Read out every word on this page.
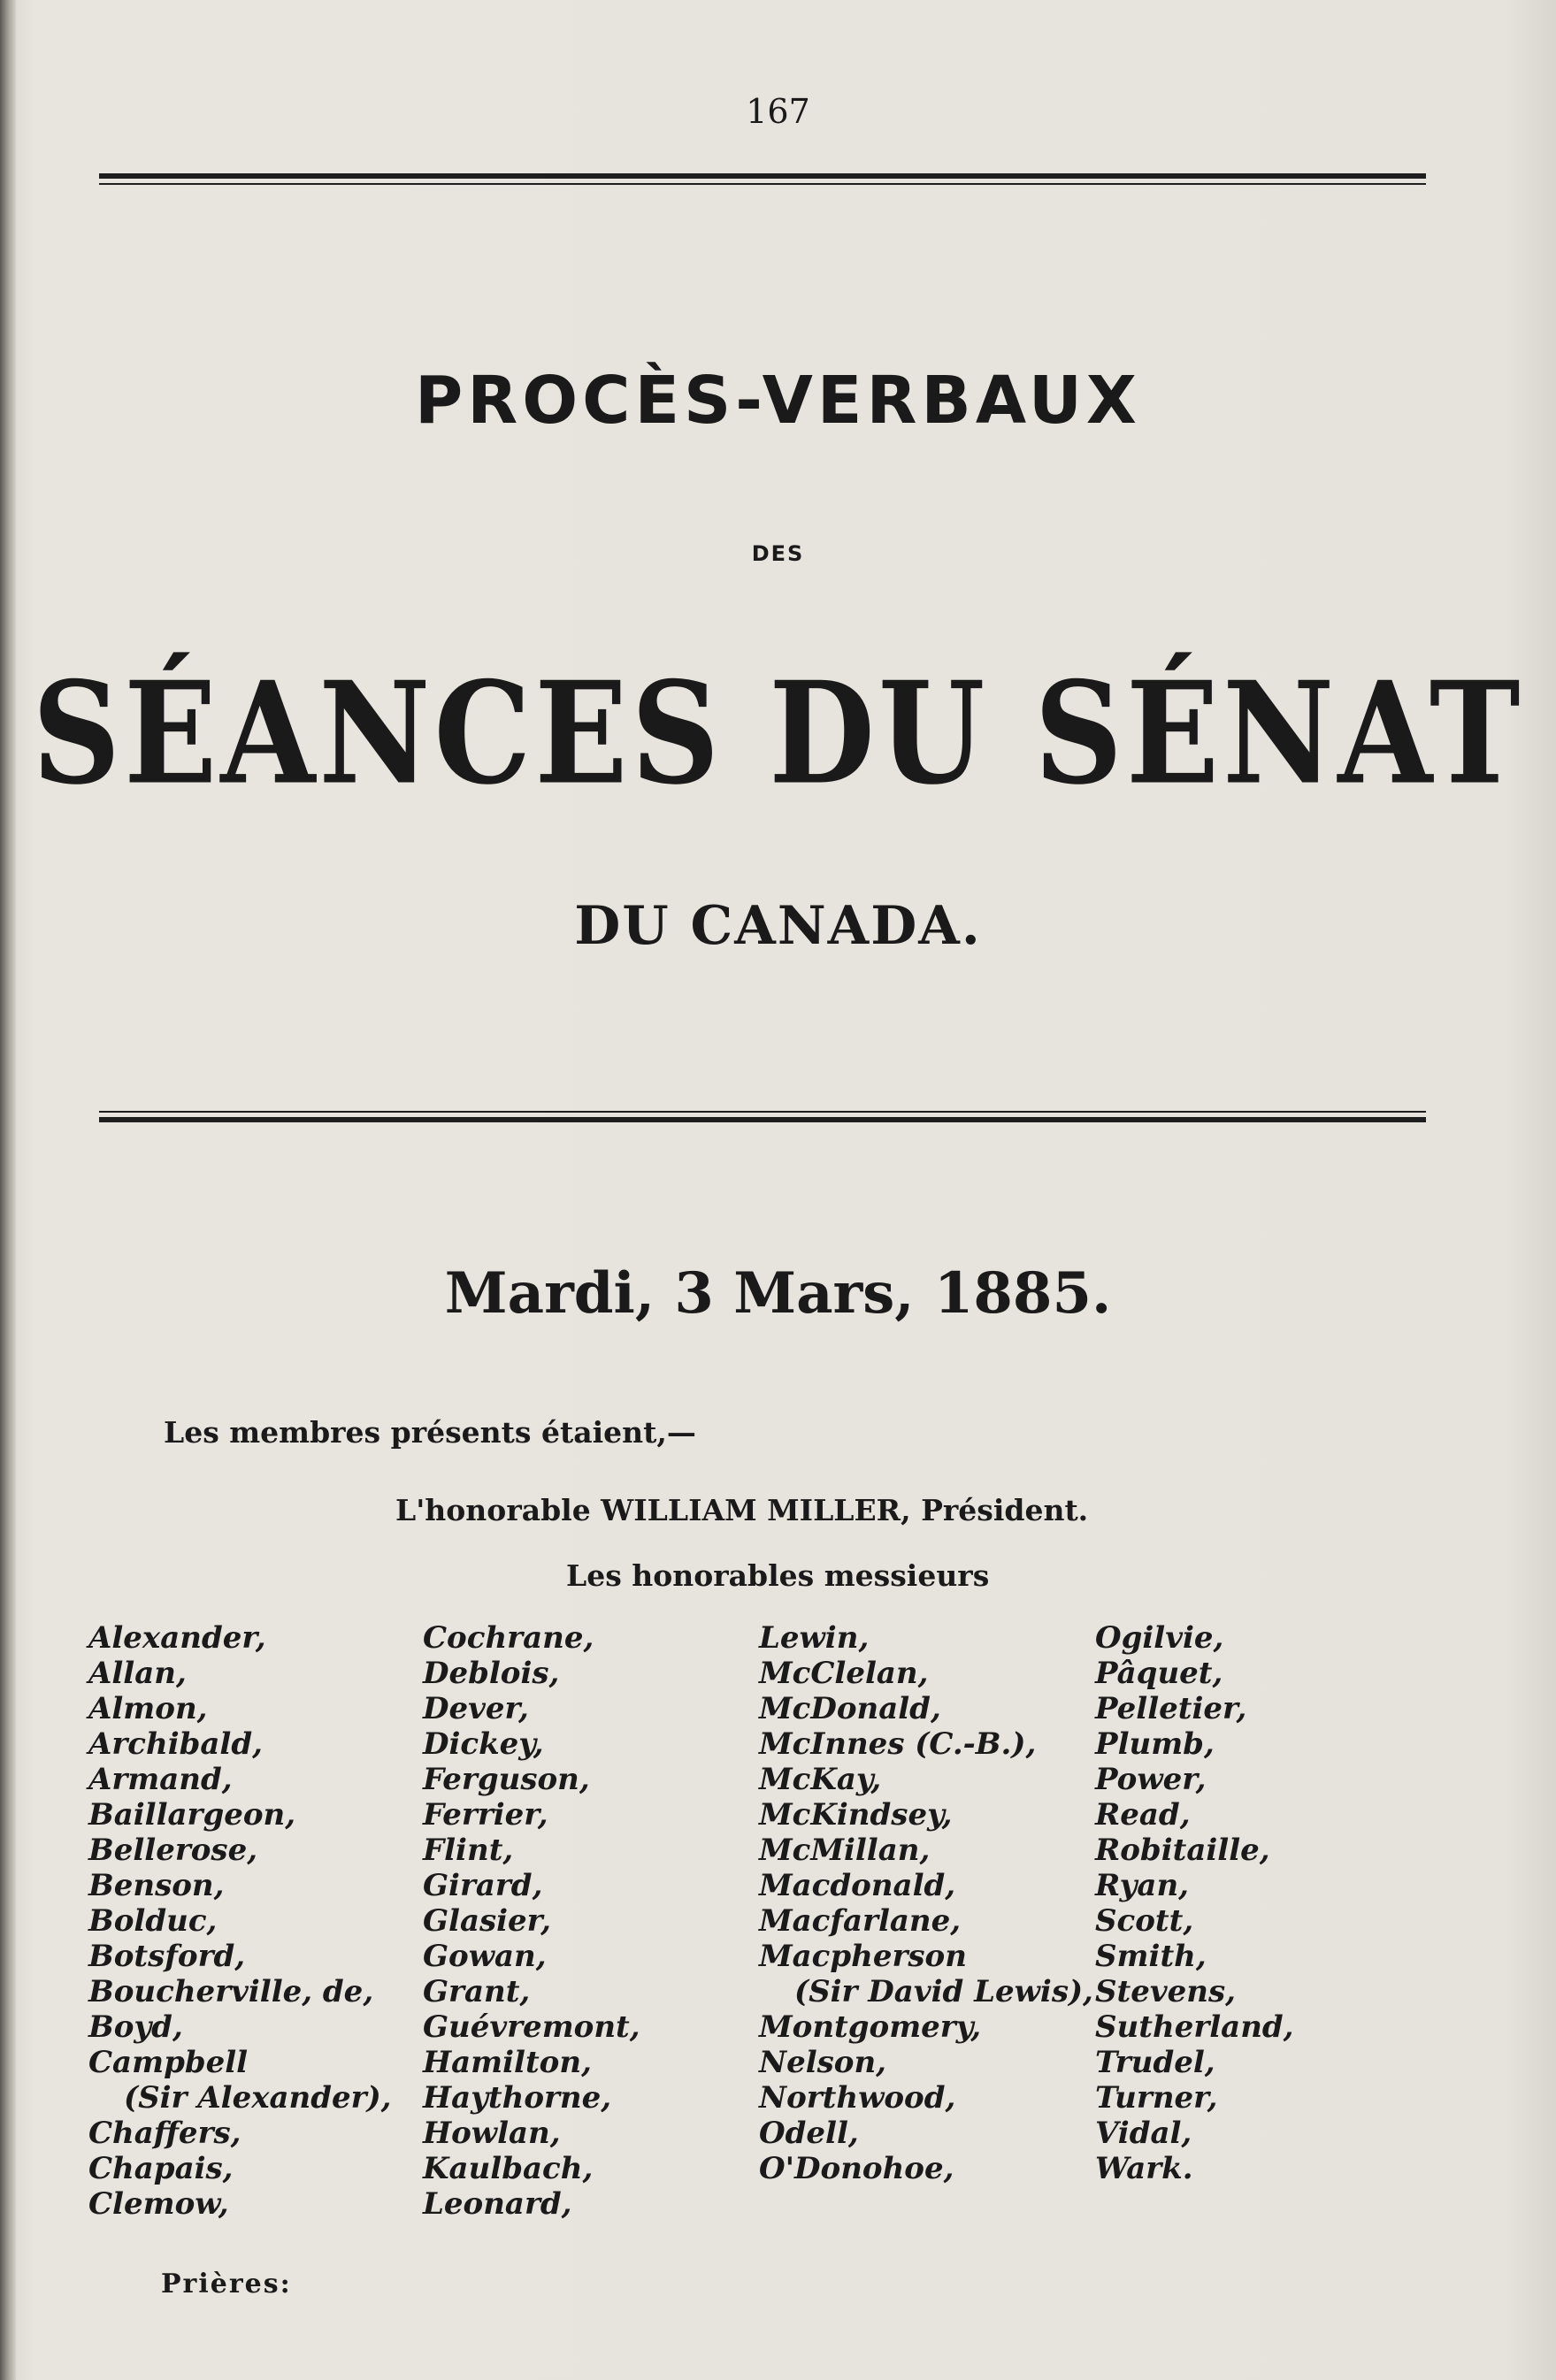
167
PROCÈS-VERBAUX
DES
SÉANCES DU SÉNAT
DU CANADA.
Mardi, 3 Mars, 1885.
Les membres présents étaient,—
L'honorable WILLIAM MILLER, Président.
Les honorables messieurs
Alexander,
Allan,
Almon,
Archibald,
Armand,
Baillargeon,
Bellerose,
Benson,
Bolduc,
Botsford,
Boucherville, de,
Boyd,
Campbell
(Sir Alexander),
Chaffers,
Chapais,
Clemow,
Cochrane,
Deblois,
Dever,
Dickey,
Ferguson,
Ferrier,
Flint,
Girard,
Glasier,
Gowan,
Grant,
Guévremont,
Hamilton,
Haythorne,
Howlan,
Kaulbach,
Leonard,
Lewin,
McClelan,
McDonald,
McInnes (C.-B.),
McKay,
McKindsey,
McMillan,
Macdonald,
Macfarlane,
Macpherson
(Sir David Lewis),
Montgomery,
Nelson,
Northwood,
Odell,
O'Donohoe,
Ogilvie,
Pâquet,
Pelletier,
Plumb,
Power,
Read,
Robitaille,
Ryan,
Scott,
Smith,
Stevens,
Sutherland,
Trudel,
Turner,
Vidal,
Wark.
Prières:
